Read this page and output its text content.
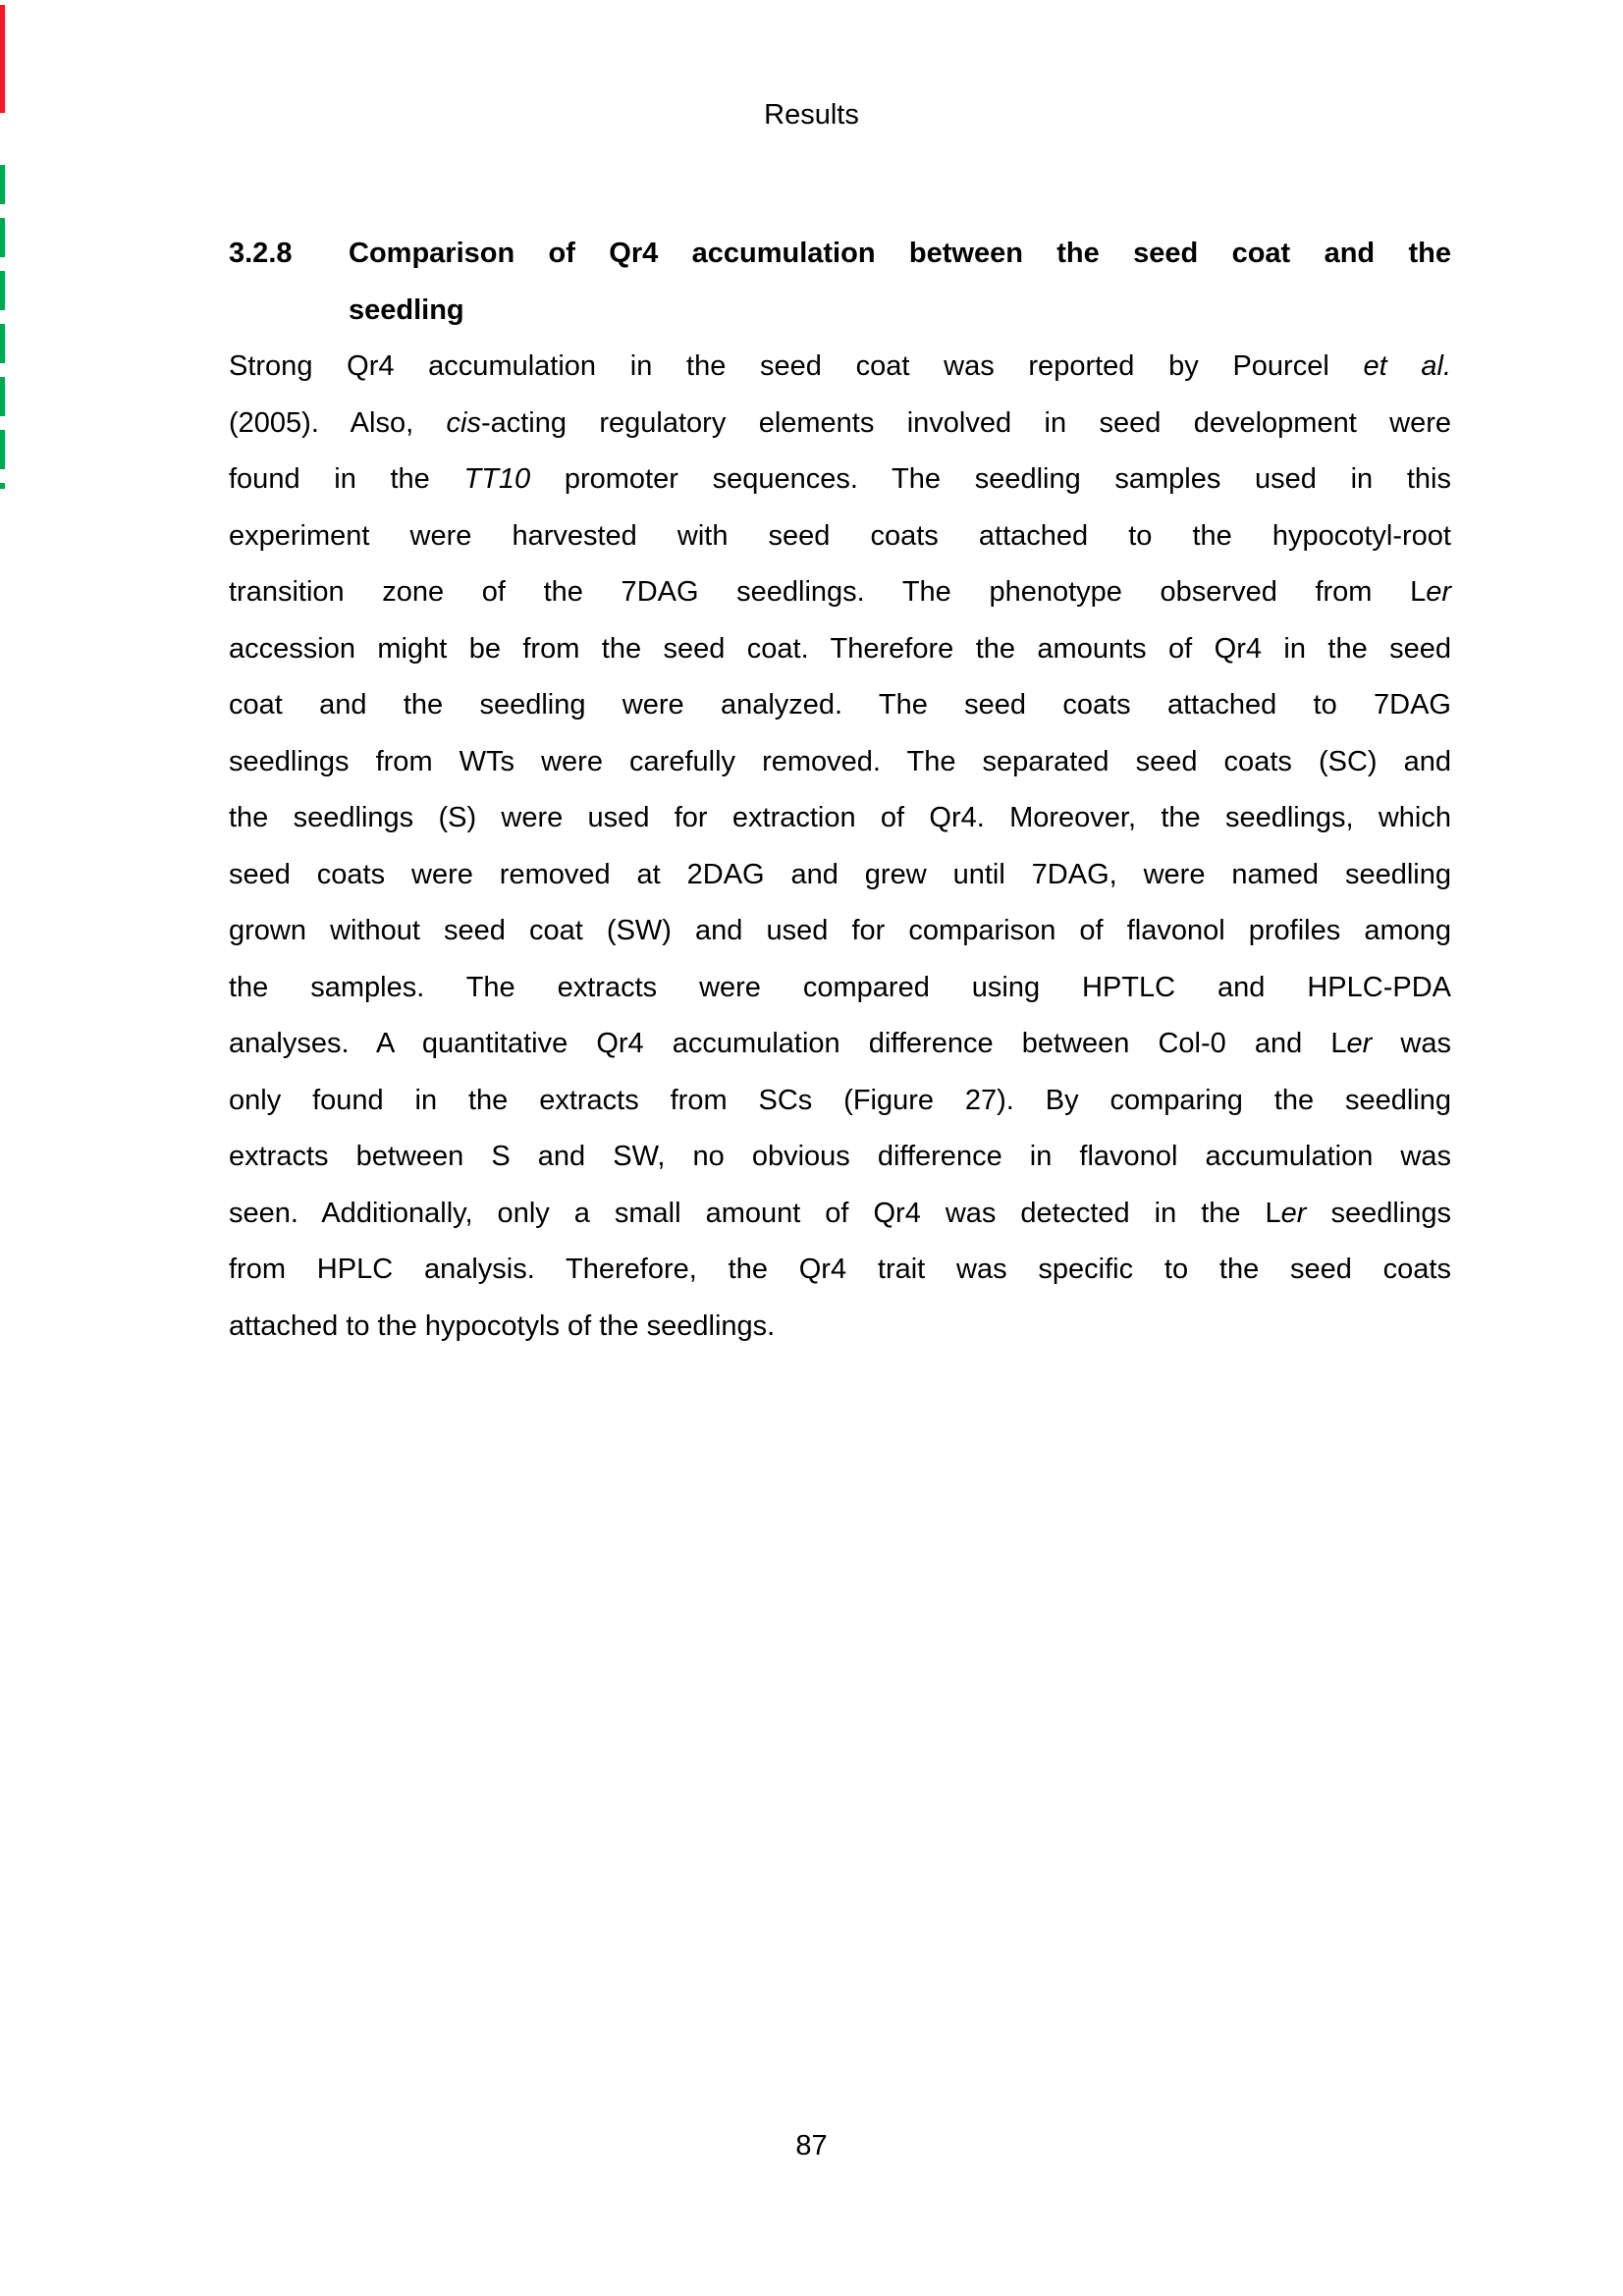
Results
3.2.8	Comparison of Qr4 accumulation between the seed coat and the
seedling
Strong Qr4 accumulation in the seed coat was reported by Pourcel et al.
(2005). Also, cis-acting regulatory elements involved in seed development were
found in the TT10 promoter sequences. The seedling samples used in this
experiment were harvested with seed coats attached to the hypocotyl-root
transition zone of the 7DAG seedlings. The phenotype observed from Ler
accession might be from the seed coat. Therefore the amounts of Qr4 in the seed
coat and the seedling were analyzed. The seed coats attached to 7DAG
seedlings from WTs were carefully removed. The separated seed coats (SC) and
the seedlings (S) were used for extraction of Qr4. Moreover, the seedlings, which
seed coats were removed at 2DAG and grew until 7DAG, were named seedling
grown without seed coat (SW) and used for comparison of flavonol profiles among
the samples. The extracts were compared using HPTLC and HPLC-PDA
analyses. A quantitative Qr4 accumulation difference between Col-0 and Ler was
only found in the extracts from SCs (Figure 27). By comparing the seedling
extracts between S and SW, no obvious difference in flavonol accumulation was
seen. Additionally, only a small amount of Qr4 was detected in the Ler seedlings
from HPLC analysis. Therefore, the Qr4 trait was specific to the seed coats
attached to the hypocotyls of the seedlings.
87
